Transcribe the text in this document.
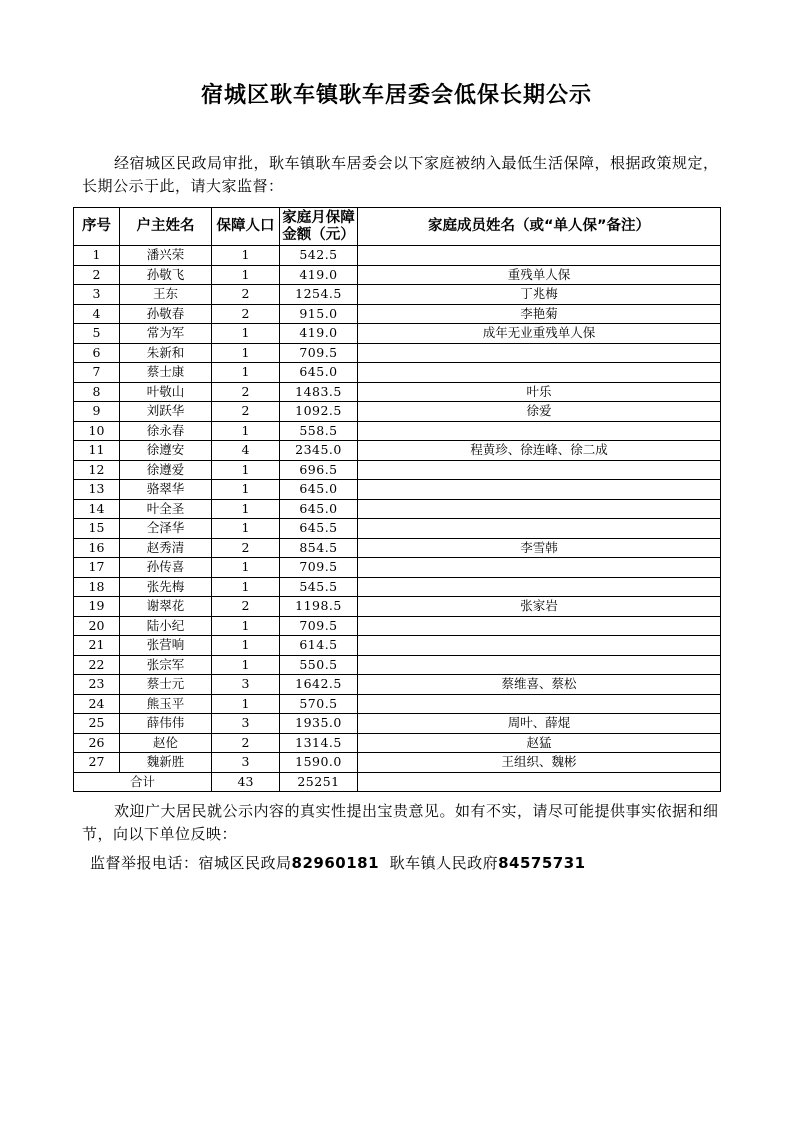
宿城区耿车镇耿车居委会低保长期公示

经宿城区民政局审批，耿车镇耿车居委会以下家庭被纳入最低生活保障，根据政策规定，长期公示于此，请大家监督：

序号	户主姓名	保障人口	家庭月保障金额（元）	家庭成员姓名（或“单人保”备注）
1	潘兴荣	1	542.5	
2	孙敬飞	1	419.0	重残单人保
3	王东	2	1254.5	丁兆梅
4	孙敬春	2	915.0	李艳菊
5	常为军	1	419.0	成年无业重残单人保
6	朱新和	1	709.5	
7	蔡士康	1	645.0	
8	叶敬山	2	1483.5	叶乐
9	刘跃华	2	1092.5	徐爱
10	徐永春	1	558.5	
11	徐遵安	4	2345.0	程黄珍、徐连峰、徐二成
12	徐遵爱	1	696.5	
13	骆翠华	1	645.0	
14	叶全圣	1	645.0	
15	仝泽华	1	645.5	
16	赵秀清	2	854.5	李雪韩
17	孙传喜	1	709.5	
18	张先梅	1	545.5	
19	谢翠花	2	1198.5	张家岩
20	陆小纪	1	709.5	
21	张营响	1	614.5	
22	张宗军	1	550.5	
23	蔡士元	3	1642.5	蔡维喜、蔡松
24	熊玉平	1	570.5	
25	薛伟伟	3	1935.0	周叶、薛焜
26	赵伦	2	1314.5	赵猛
27	魏新胜	3	1590.0	王组织、魏彬
合计		43	25251	

欢迎广大居民就公示内容的真实性提出宝贵意见。如有不实，请尽可能提供事实依据和细节，向以下单位反映：

监督举报电话：宿城区民政局82960181 耿车镇人民政府84575731
